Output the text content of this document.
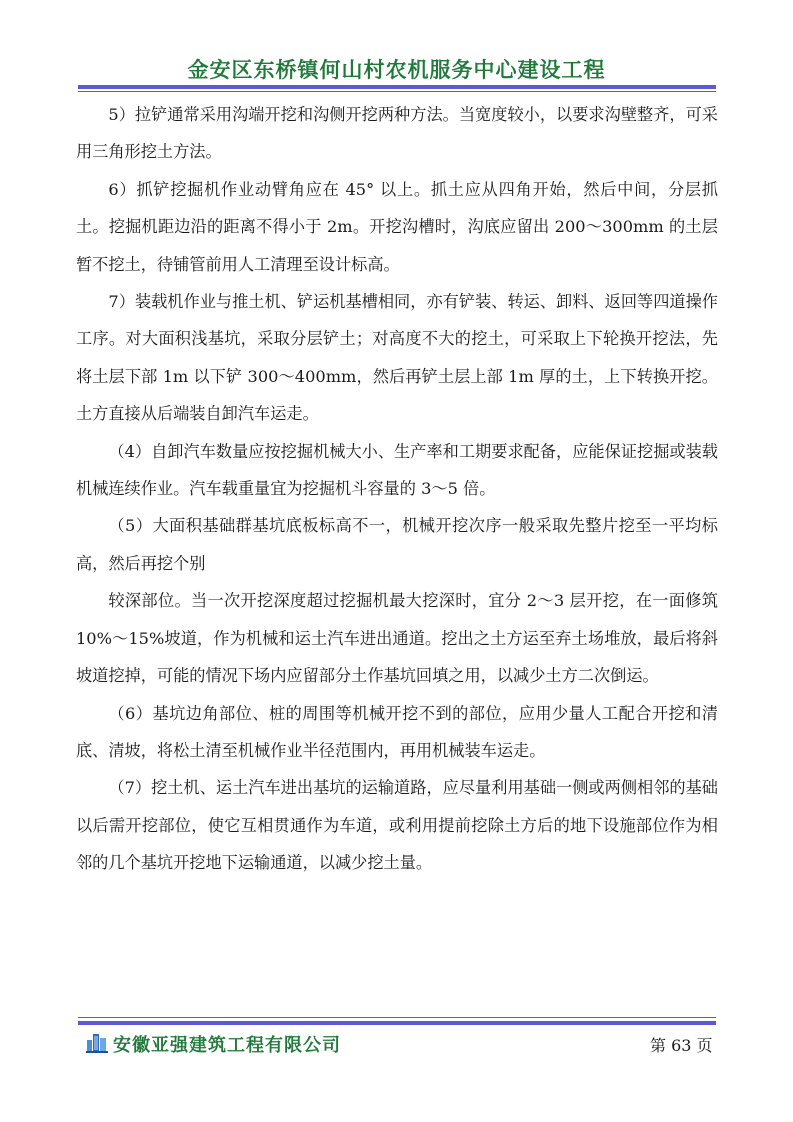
金安区东桥镇何山村农机服务中心建设工程

5）拉铲通常采用沟端开挖和沟侧开挖两种方法。当宽度较小，以要求沟壁整齐，可采用三角形挖土方法。

6）抓铲挖掘机作业动臂角应在 45° 以上。抓土应从四角开始，然后中间，分层抓土。挖掘机距边沿的距离不得小于 2m。开挖沟槽时，沟底应留出 200～300mm 的土层暂不挖土，待铺管前用人工清理至设计标高。

7）装载机作业与推土机、铲运机基槽相同，亦有铲装、转运、卸料、返回等四道操作工序。对大面积浅基坑，采取分层铲土；对高度不大的挖土，可采取上下轮换开挖法，先将土层下部 1m 以下铲 300～400mm，然后再铲土层上部 1m 厚的土，上下转换开挖。土方直接从后端装自卸汽车运走。

（4）自卸汽车数量应按挖掘机械大小、生产率和工期要求配备，应能保证挖掘或装载机械连续作业。汽车载重量宜为挖掘机斗容量的 3～5 倍。

（5）大面积基础群基坑底板标高不一，机械开挖次序一般采取先整片挖至一平均标高，然后再挖个别

较深部位。当一次开挖深度超过挖掘机最大挖深时，宜分 2～3 层开挖，在一面修筑 10%～15%坡道，作为机械和运土汽车进出通道。挖出之土方运至弃土场堆放，最后将斜坡道挖掉，可能的情况下场内应留部分土作基坑回填之用，以减少土方二次倒运。

（6）基坑边角部位、桩的周围等机械开挖不到的部位，应用少量人工配合开挖和清底、清坡，将松土清至机械作业半径范围内，再用机械装车运走。

（7）挖土机、运土汽车进出基坑的运输道路，应尽量利用基础一侧或两侧相邻的基础以后需开挖部位，使它互相贯通作为车道，或利用提前挖除土方后的地下设施部位作为相邻的几个基坑开挖地下运输通道，以减少挖土量。

安徽亚强建筑工程有限公司	第 63 页
